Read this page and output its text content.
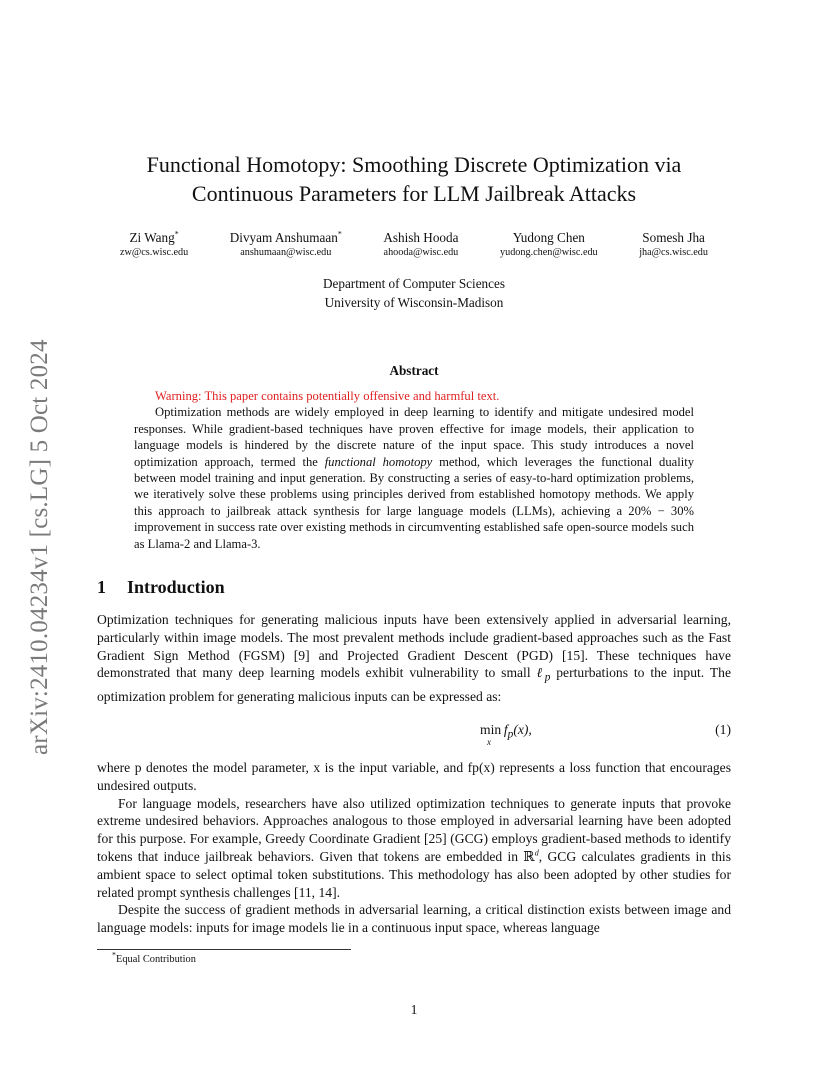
arXiv:2410.04234v1 [cs.LG] 5 Oct 2024
Functional Homotopy: Smoothing Discrete Optimization via
Continuous Parameters for LLM Jailbreak Attacks
Zi Wang*
zw@cs.wisc.edu
Divyam Anshumaan*
anshumaan@wisc.edu
Ashish Hooda
ahooda@wisc.edu
Yudong Chen
yudong.chen@wisc.edu
Somesh Jha
jha@cs.wisc.edu
Department of Computer Sciences
University of Wisconsin-Madison
Abstract
Warning: This paper contains potentially offensive and harmful text.
Optimization methods are widely employed in deep learning to identify and mitigate undesired model responses. While gradient-based techniques have proven effective for image models, their application to language models is hindered by the discrete nature of the input space. This study introduces a novel optimization approach, termed the functional homotopy method, which leverages the functional duality between model training and input generation. By constructing a series of easy-to-hard optimization problems, we iteratively solve these problems using principles derived from established homotopy methods. We apply this approach to jailbreak attack synthesis for large language models (LLMs), achieving a 20% − 30% improvement in success rate over existing methods in circumventing established safe open-source models such as Llama-2 and Llama-3.
1 Introduction
Optimization techniques for generating malicious inputs have been extensively applied in adversarial learning, particularly within image models. The most prevalent methods include gradient-based approaches such as the Fast Gradient Sign Method (FGSM) [9] and Projected Gradient Descent (PGD) [15]. These techniques have demonstrated that many deep learning models exhibit vulnerability to small ℓ$_p$ perturbations to the input. The optimization problem for generating malicious inputs can be expressed as:
$\min f_p(x)$,
x
(1)
where p denotes the model parameter, x is the input variable, and fp(x) represents a loss function that encourages undesired outputs.
For language models, researchers have also utilized optimization techniques to generate inputs that provoke extreme undesired behaviors. Approaches analogous to those employed in adversarial learning have been adopted for this purpose. For example, Greedy Coordinate Gradient [25] (GCG) employs gradient-based methods to identify tokens that induce jailbreak behaviors. Given that tokens are embedded in ℝ$^d$, GCG calculates gradients in this ambient space to select optimal token substitutions. This methodology has also been adopted by other studies for related prompt synthesis challenges [11, 14].
Despite the success of gradient methods in adversarial learning, a critical distinction exists between image and language models: inputs for image models lie in a continuous input space, whereas language
*Equal Contribution
1
